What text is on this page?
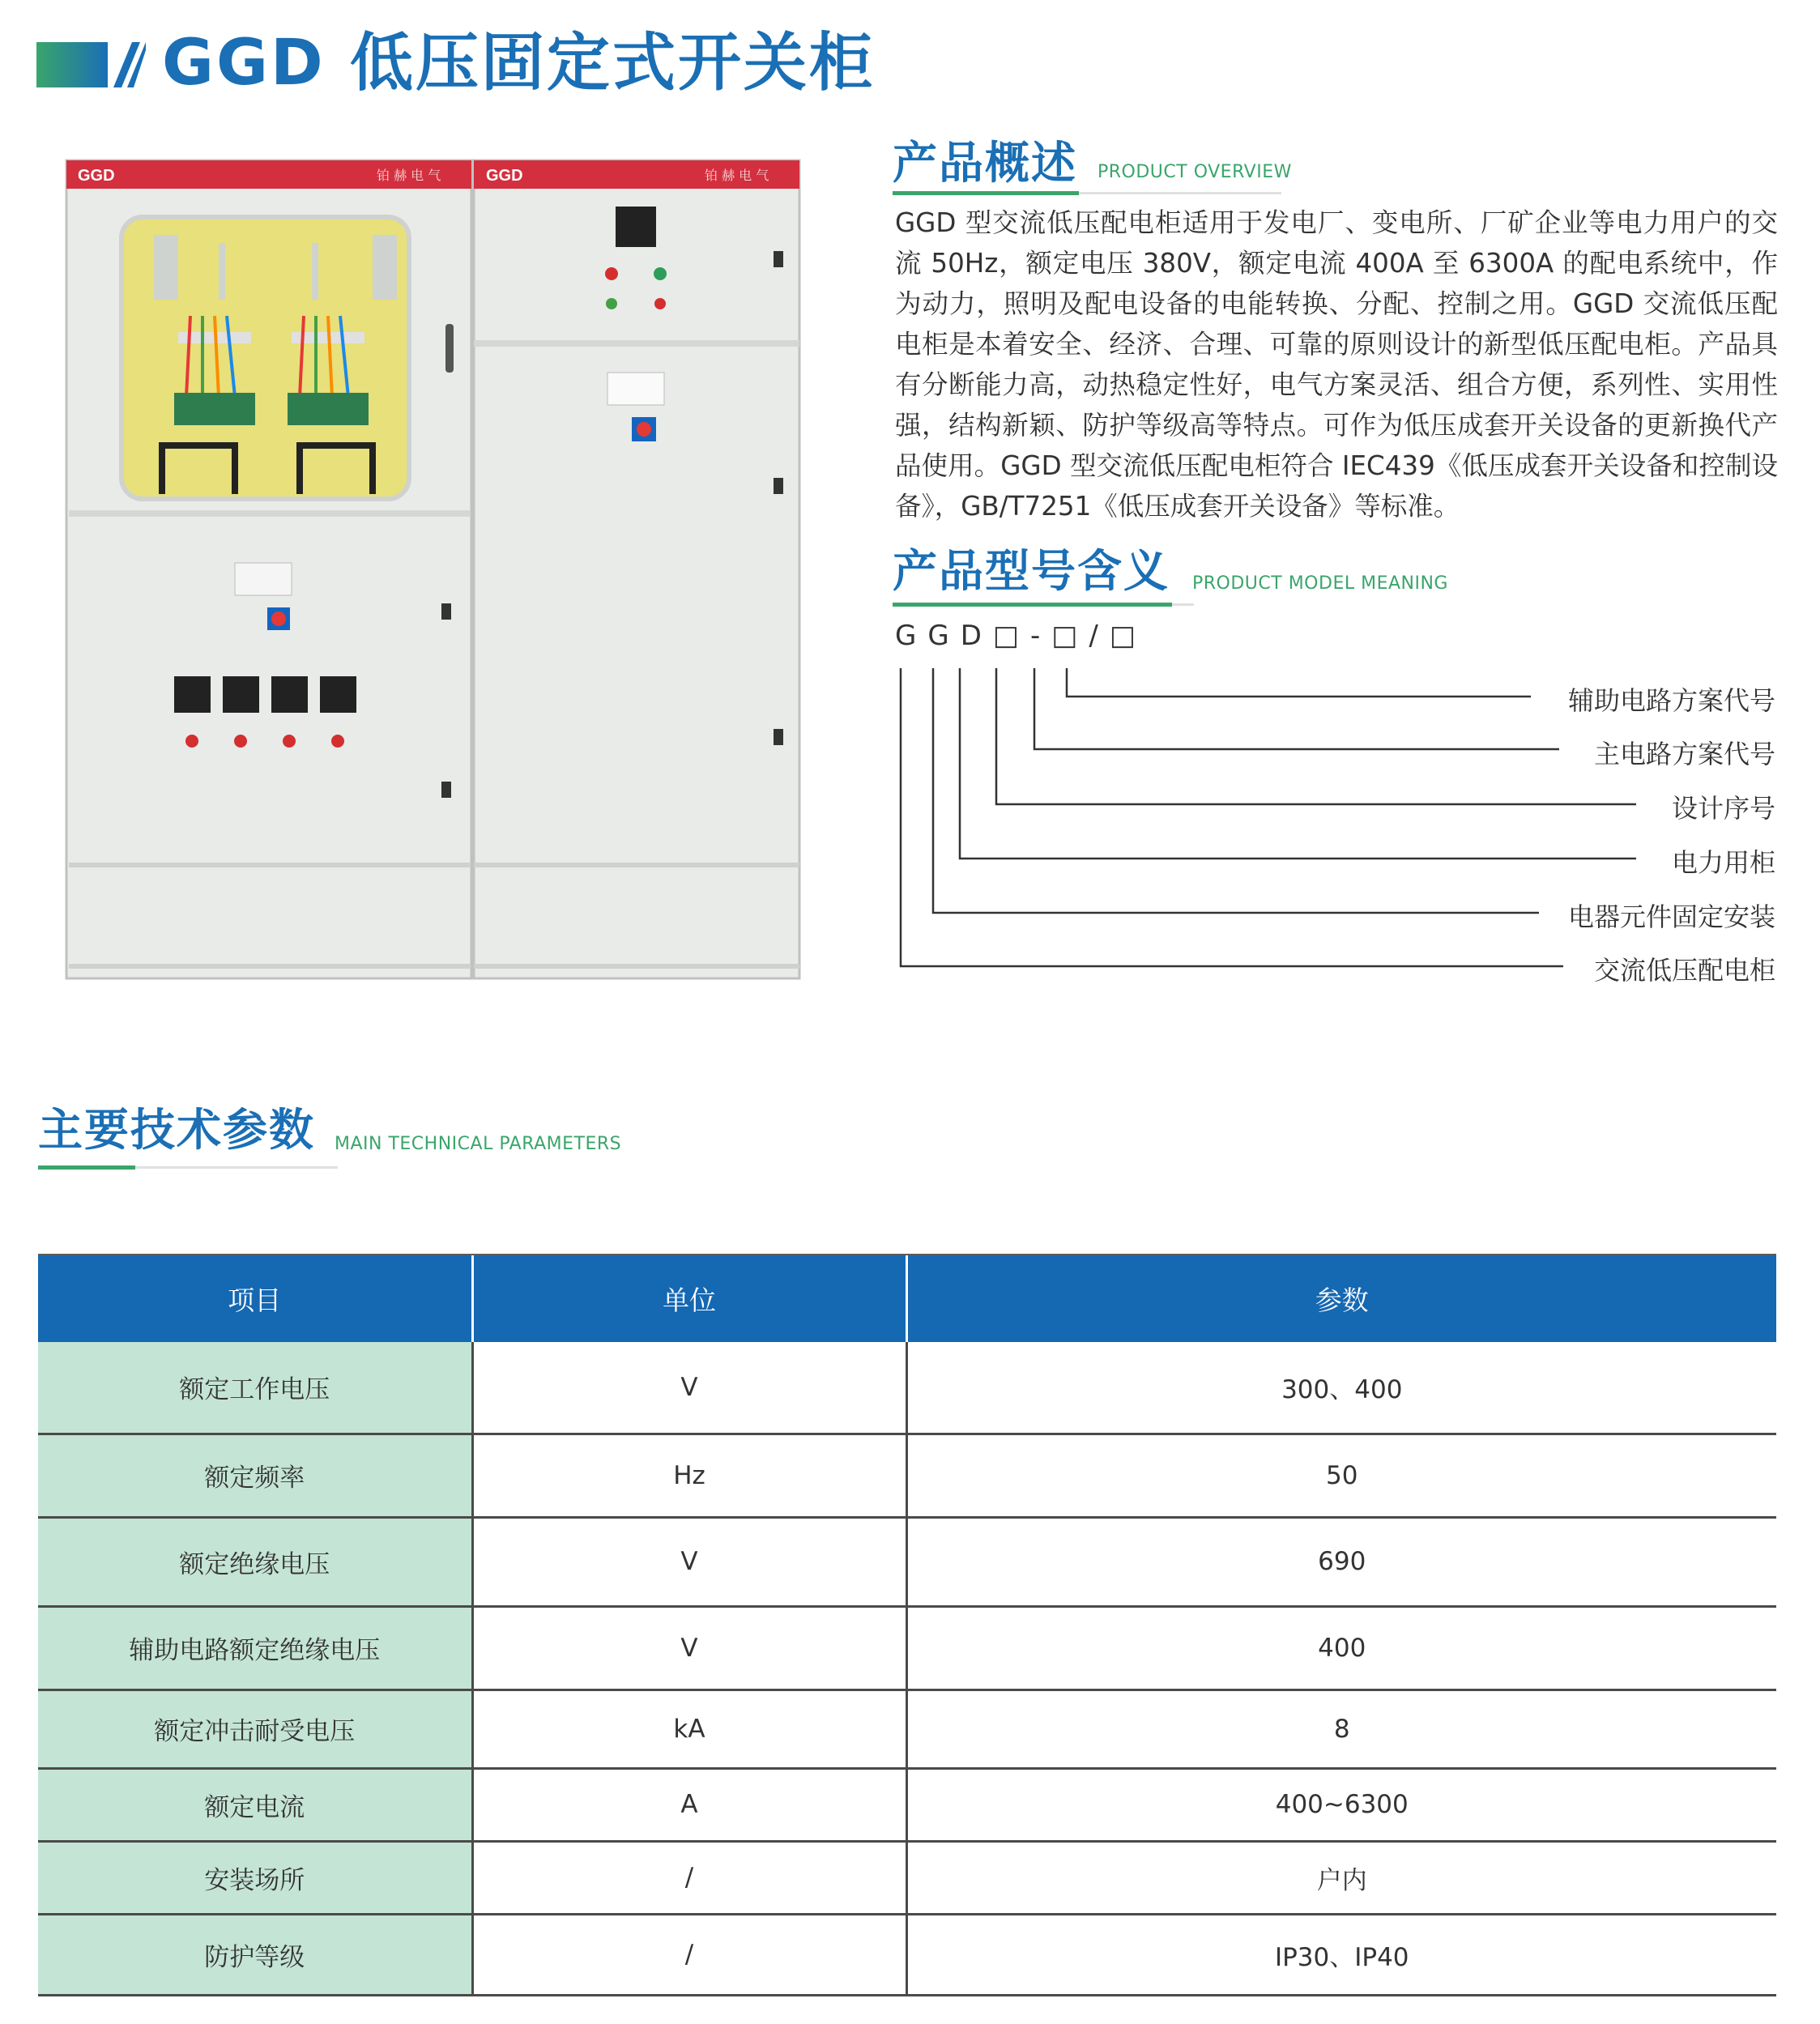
GGD 低压固定式开关柜
GGD	铂 赫 电 气	GGD	铂 赫 电 气	产品概述 PRODUCT OVERVIEW
GGD 型交流低压配电柜适用于发电厂、变电所、厂矿企业等电力用户的交流 50Hz，额定电压 380V，额定电流 400A 至 6300A 的配电系统中，作为动力，照明及配电设备的电能转换、分配、控制之用。GGD 交流低压配电柜是本着安全、经济、合理、可靠的原则设计的新型低压配电柜。产品具有分断能力高，动热稳定性好，电气方案灵活、组合方便，系列性、实用性强，结构新颖、防护等级高等特点。可作为低压成套开关设备的更新换代产品使用。GGD 型交流低压配电柜符合 IEC439《低压成套开关设备和控制设备》，GB/T7251《低压成套开关设备》等标准。
产品型号含义 PRODUCT MODEL MEANING
GGD□-□/□
辅助电路方案代号
主电路方案代号
设计序号
电力用柜
电器元件固定安装
交流低压配电柜
主要技术参数 MAIN TECHNICAL PARAMETERS
项目	单位	参数
额定工作电压	V	300、400
额定频率	Hz	50
额定绝缘电压	V	690
辅助电路额定绝缘电压	V	400
额定冲击耐受电压	kA	8
额定电流	A	400~6300
安装场所	/	户内
防护等级	/	IP30、IP40
